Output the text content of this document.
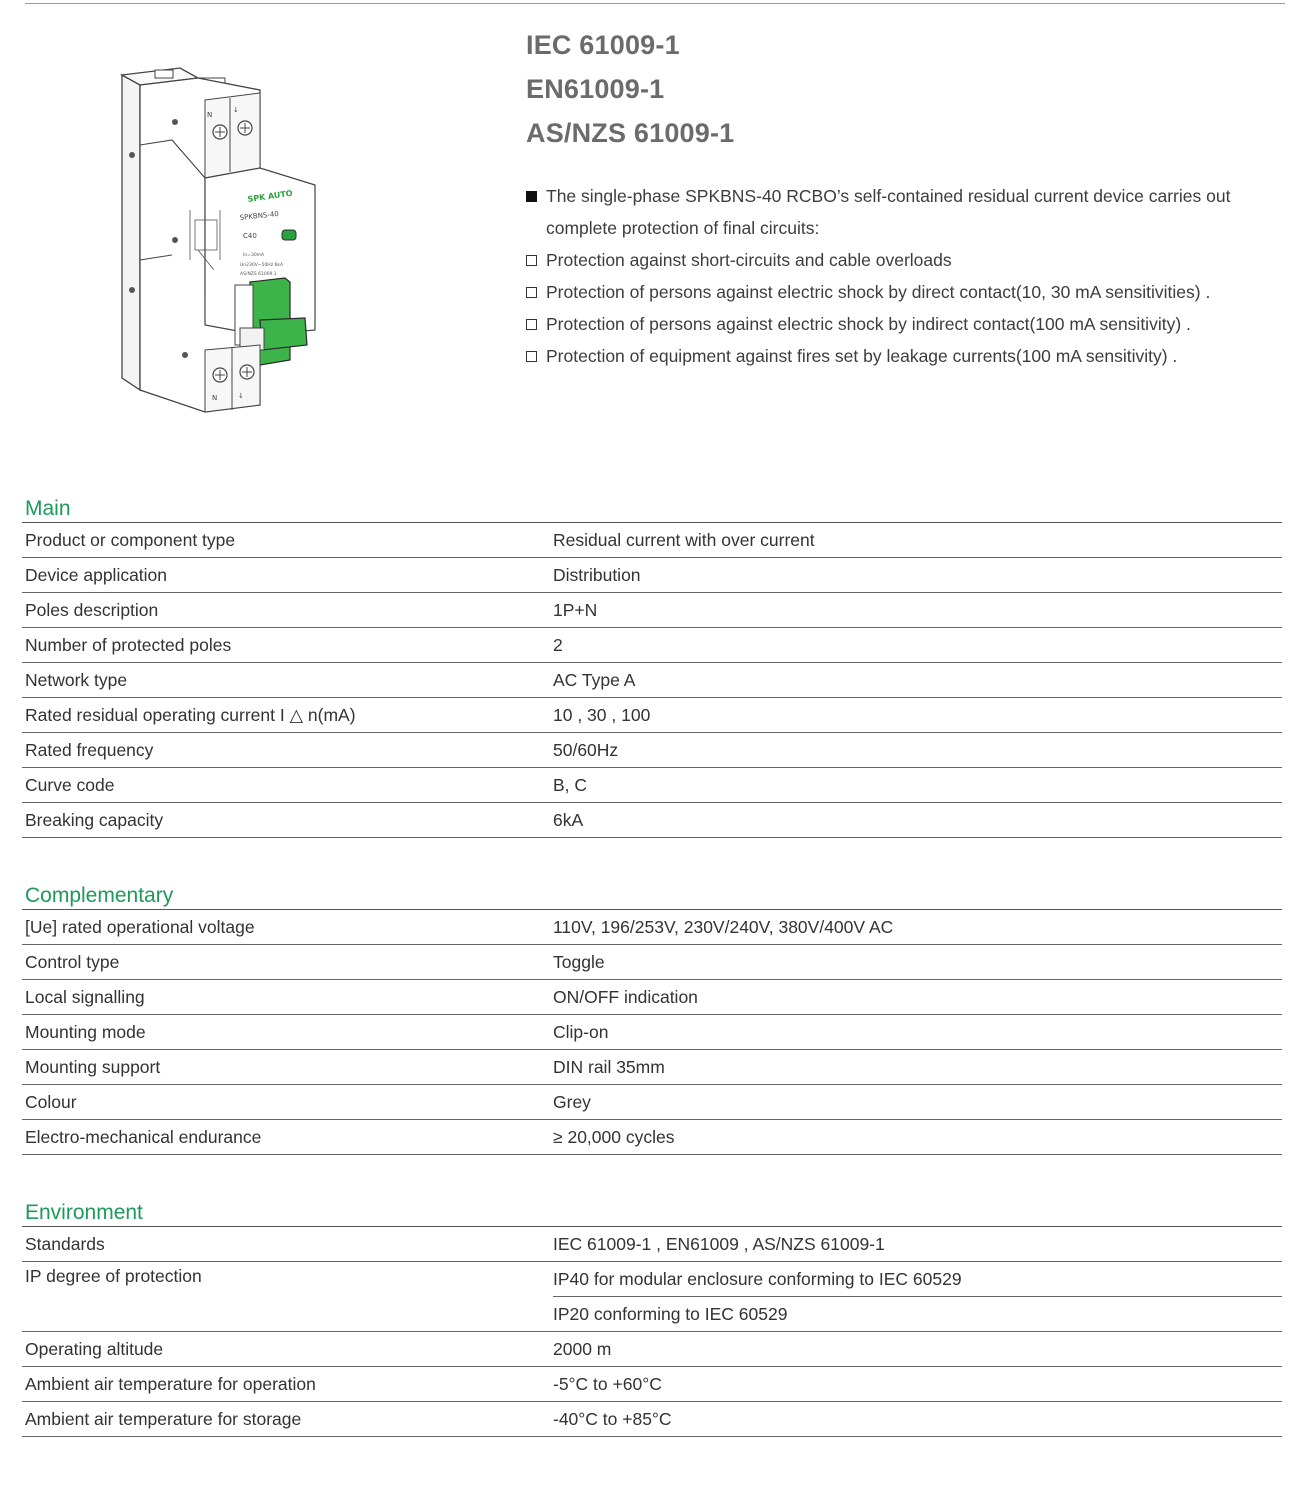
N
↓
SPK AUTO
SPKBNS-40
C40
In=30mA
Un230V~50Hz 6kA
AS/NZS 61009.1
N	↓
IEC 61009-1
EN61009-1
AS/NZS 61009-1
The single-phase SPKBNS-40 RCBO’s self-contained residual current device carries out complete protection of final circuits:
Protection against short-circuits and cable overloads
Protection of persons against electric shock by direct contact(10, 30 mA sensitivities) .
Protection of persons against electric shock by indirect contact(100 mA sensitivity) .
Protection of equipment against fires set by leakage currents(100 mA sensitivity) .
Main
Product or component type	Residual current with over current
Device application	Distribution
Poles description	1P+N
Number of protected poles	2
Network type	AC Type A
Rated residual operating current I △ n(mA)	10 , 30 , 100
Rated frequency	50/60Hz
Curve code	B, C
Breaking capacity	6kA
Complementary
[Ue] rated operational voltage	110V, 196/253V, 230V/240V, 380V/400V AC
Control type	Toggle
Local signalling	ON/OFF indication
Mounting mode	Clip-on
Mounting support	DIN rail 35mm
Colour	Grey
Electro-mechanical endurance	≥ 20,000 cycles
Environment
Standards	IEC 61009-1 , EN61009 , AS/NZS 61009-1
IP degree of protection	IP40 for modular enclosure conforming to IEC 60529
IP20 conforming to IEC 60529
Operating altitude	2000 m
Ambient air temperature for operation	-5°C to +60°C
Ambient air temperature for storage	-40°C to +85°C
